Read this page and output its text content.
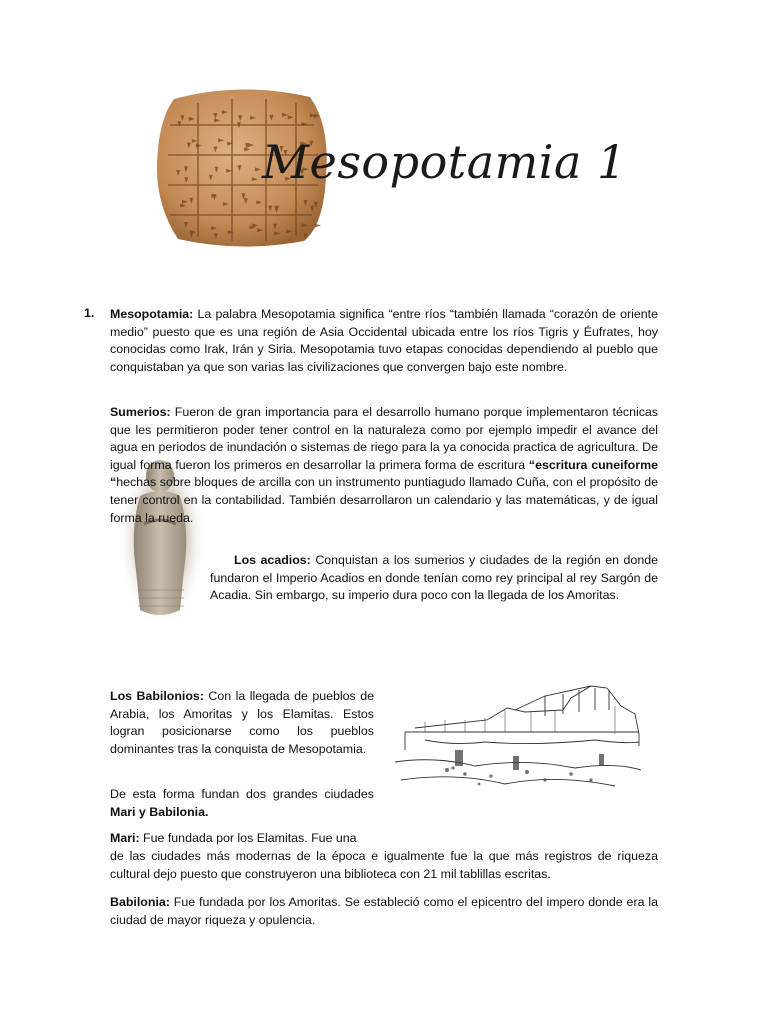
Mesopotamia 1
1. Mesopotamia: La palabra Mesopotamia significa “entre ríos “también llamada “corazón de oriente medio” puesto que es una región de Asia Occidental ubicada entre los ríos Tigris y Éufrates, hoy conocidas como Irak, Irán y Siria. Mesopotamia tuvo etapas conocidas dependiendo al pueblo que conquistaban ya que son varias las civilizaciones que convergen bajo este nombre.

Sumerios: Fueron de gran importancia para el desarrollo humano porque implementaron técnicas que les permitieron poder tener control en la naturaleza como por ejemplo impedir el avance del agua en periodos de inundación o sistemas de riego para la ya conocida practica de agricultura. De igual forma fueron los primeros en desarrollar la primera forma de escritura “escritura cuneiforme “hechas sobre bloques de arcilla con un instrumento puntiagudo llamado Cuña, con el propósito de tener control en la contabilidad. También desarrollaron un calendario y las matemáticas, y de igual forma la rueda.

Los acadios: Conquistan a los sumerios y ciudades de la región en donde fundaron el Imperio Acadios en donde tenían como rey principal al rey Sargón de Acadia. Sin embargo, su imperio dura poco con la llegada de los Amoritas.

Los Babilonios: Con la llegada de pueblos de Arabia, los Amoritas y los Elamitas. Estos logran posicionarse como los pueblos dominantes tras la conquista de Mesopotamia.

De esta forma fundan dos grandes ciudades Mari y Babilonia.

Mari: Fue fundada por los Elamitas. Fue una

de las ciudades más modernas de la época e igualmente fue la que más registros de riqueza cultural dejo puesto que construyeron una biblioteca con 21 mil tablillas escritas.

Babilonia: Fue fundada por los Amoritas. Se estableció como el epicentro del impero donde era la ciudad de mayor riqueza y opulencia.
